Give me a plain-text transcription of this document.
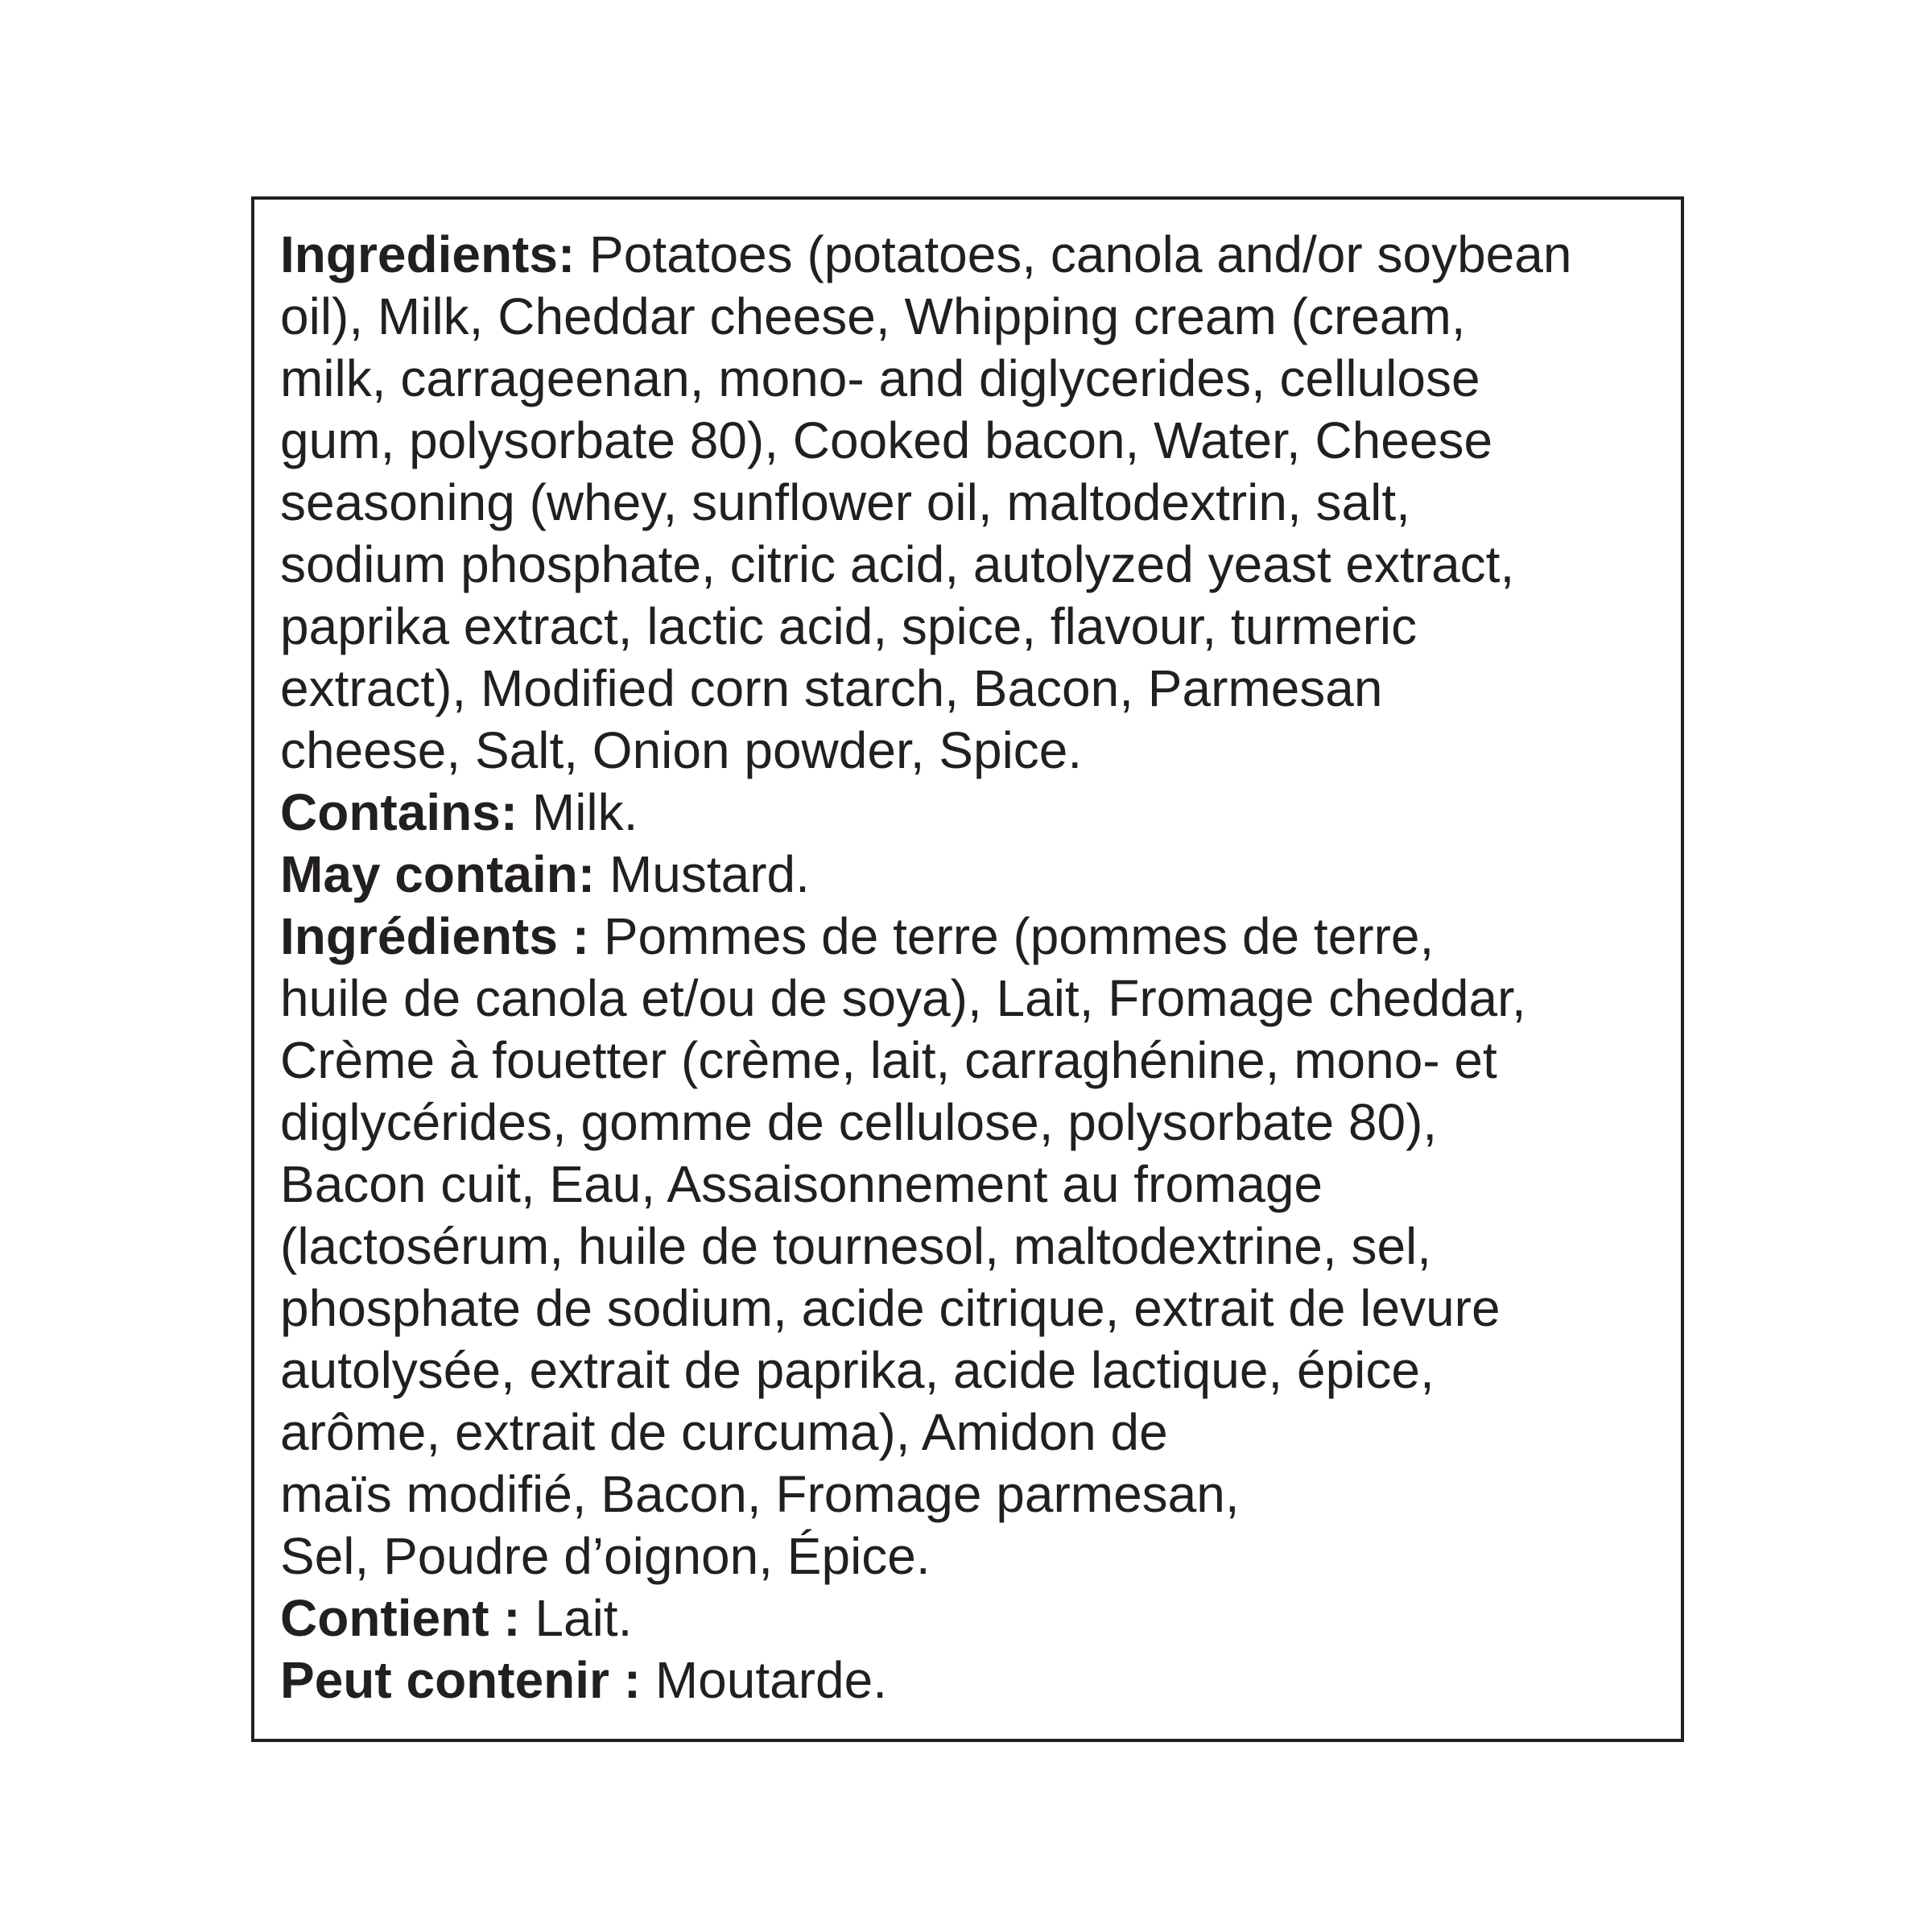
Ingredients: Potatoes (potatoes, canola and/or soybean
oil), Milk, Cheddar cheese, Whipping cream (cream,
milk, carrageenan, mono- and diglycerides, cellulose
gum, polysorbate 80), Cooked bacon, Water, Cheese
seasoning (whey, sunflower oil, maltodextrin, salt,
sodium phosphate, citric acid, autolyzed yeast extract,
paprika extract, lactic acid, spice, flavour, turmeric
extract), Modified corn starch, Bacon, Parmesan
cheese, Salt, Onion powder, Spice.
Contains: Milk.
May contain: Mustard.
Ingrédients : Pommes de terre (pommes de terre,
huile de canola et/ou de soya), Lait, Fromage cheddar,
Crème à fouetter (crème, lait, carraghénine, mono- et
diglycérides, gomme de cellulose, polysorbate 80),
Bacon cuit, Eau, Assaisonnement au fromage
(lactosérum, huile de tournesol, maltodextrine, sel,
phosphate de sodium, acide citrique, extrait de levure
autolysée, extrait de paprika, acide lactique, épice,
arôme, extrait de curcuma), Amidon de
maïs modifié, Bacon, Fromage parmesan,
Sel, Poudre d’oignon, Épice.
Contient : Lait.
Peut contenir : Moutarde.
